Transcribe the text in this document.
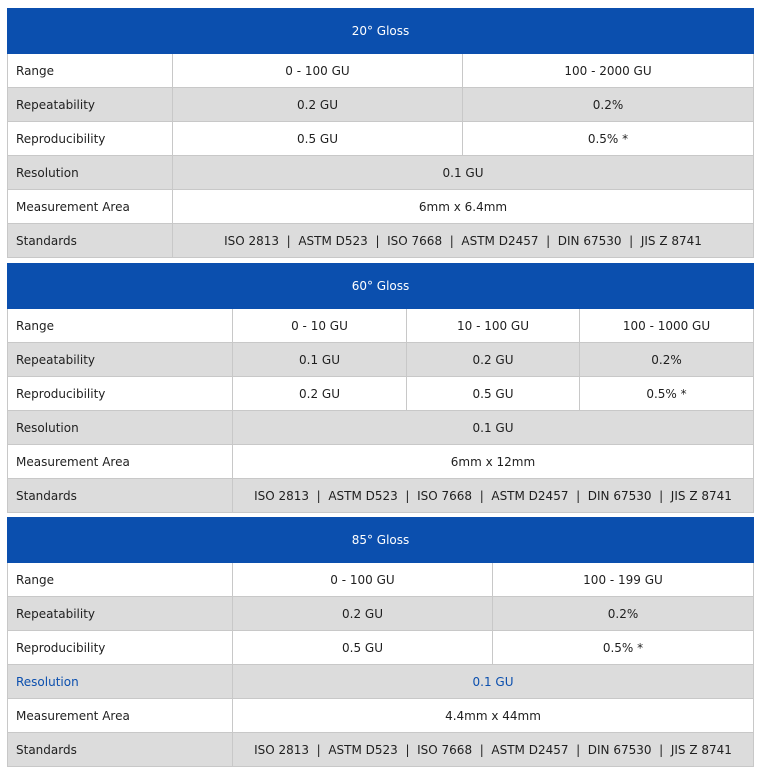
20° Gloss		
Range	0 - 100 GU	100 - 2000 GU
Repeatability	0.2 GU	0.2%
Reproducibility	0.5 GU	0.5% *
Resolution	0.1 GU	
Measurement Area	6mm x 6.4mm	
Standards	ISO 2813  |  ASTM D523  |  ISO 7668  |  ASTM D2457  |  DIN 67530  |  JIS Z 8741	
60° Gloss			
Range	0 - 10 GU	10 - 100 GU	100 - 1000 GU
Repeatability	0.1 GU	0.2 GU	0.2%
Reproducibility	0.2 GU	0.5 GU	0.5% *
Resolution	0.1 GU		
Measurement Area	6mm x 12mm		
Standards	ISO 2813  |  ASTM D523  |  ISO 7668  |  ASTM D2457  |  DIN 67530  |  JIS Z 8741		
85° Gloss		
Range	0 - 100 GU	100 - 199 GU
Repeatability	0.2 GU	0.2%
Reproducibility	0.5 GU	0.5% *
Resolution	0.1 GU	
Measurement Area	4.4mm x 44mm	
Standards	ISO 2813  |  ASTM D523  |  ISO 7668  |  ASTM D2457  |  DIN 67530  |  JIS Z 8741	
